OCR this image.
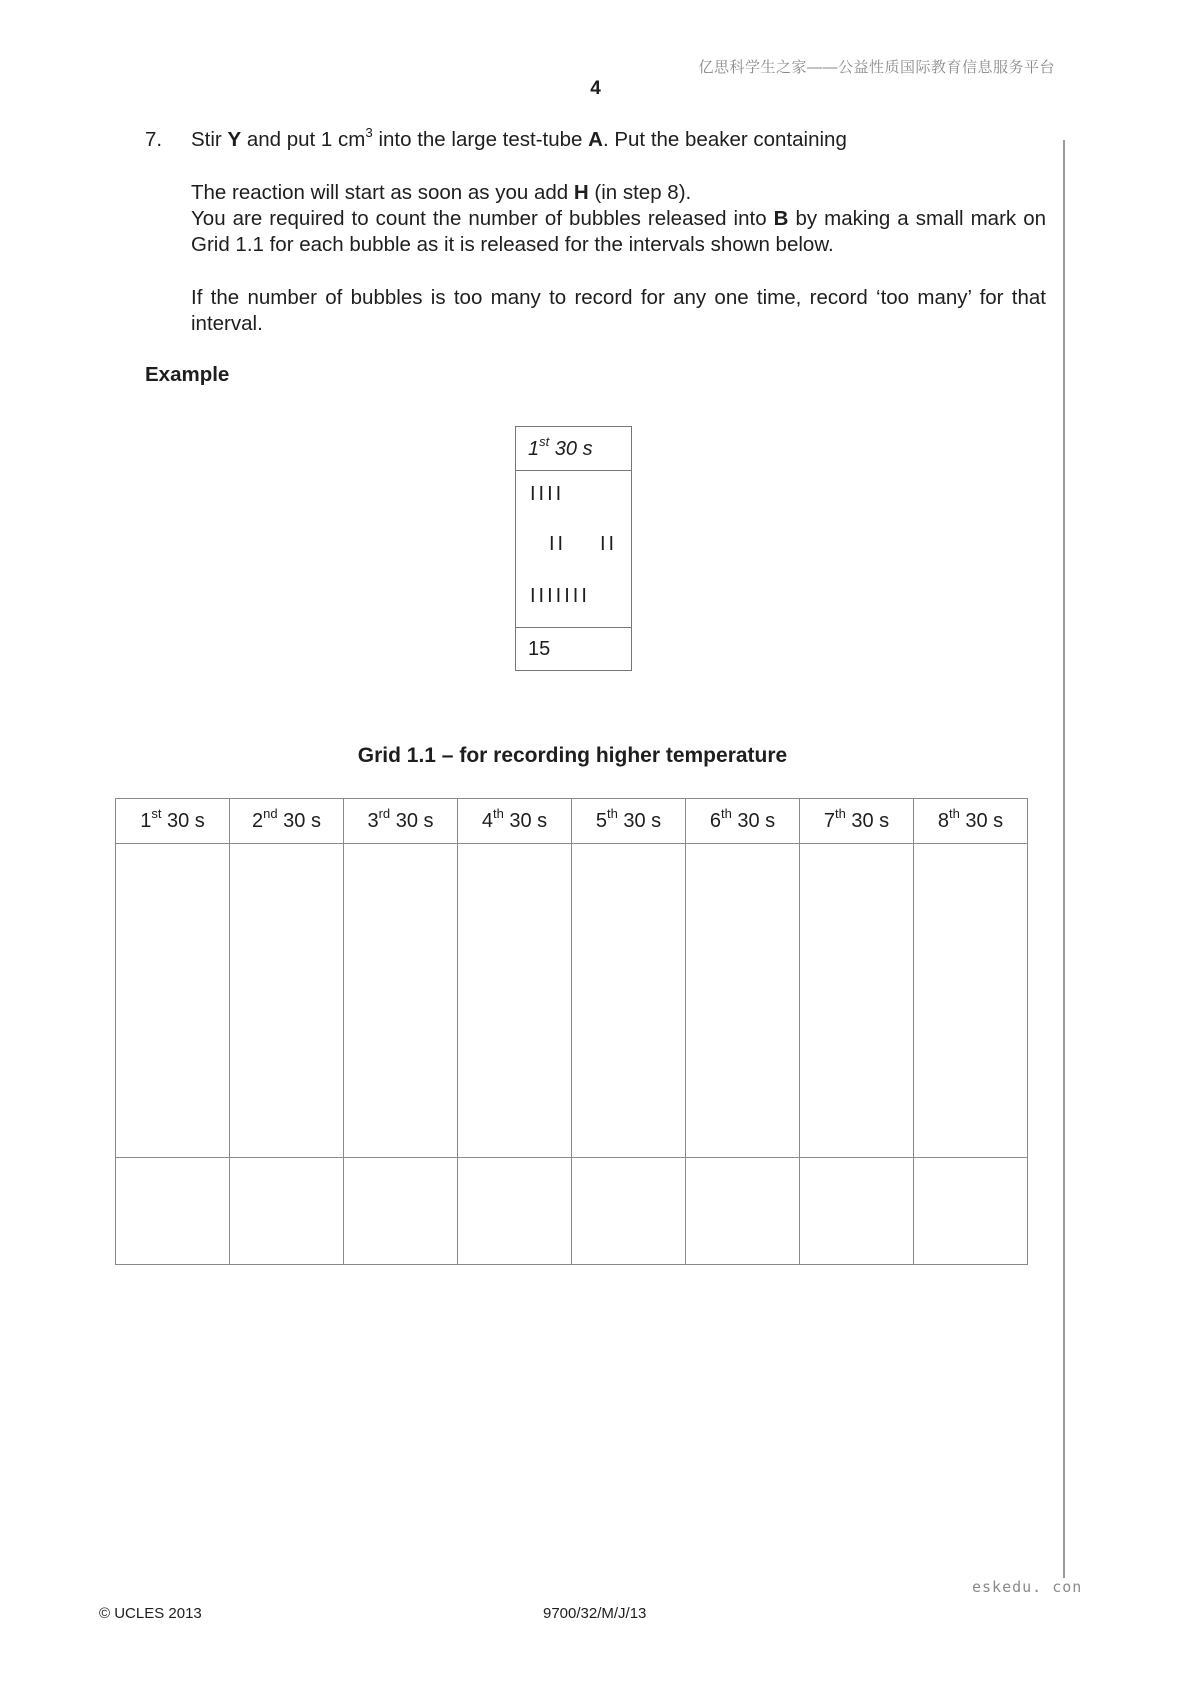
亿思科学生之家——公益性质国际教育信息服务平台
4
7. Stir Y and put 1 $cm^3$ into the large test-tube A. Put the beaker containing
The reaction will start as soon as you add H (in step 8).
You are required to count the number of bubbles released into B by making a small mark on Grid 1.1 for each bubble as it is released for the intervals shown below.
If the number of bubbles is too many to record for any one time, record ‘too many’ for that interval.
Example
1st 30 s
IIII
II II
IIIIIII
15
Grid 1.1 – for recording higher temperature
1st 30 s	2nd 30 s	3rd 30 s	4th 30 s	5th 30 s	6th 30 s	7th 30 s	8th 30 s

eskedu. con
© UCLES 2013	9700/32/M/J/13
